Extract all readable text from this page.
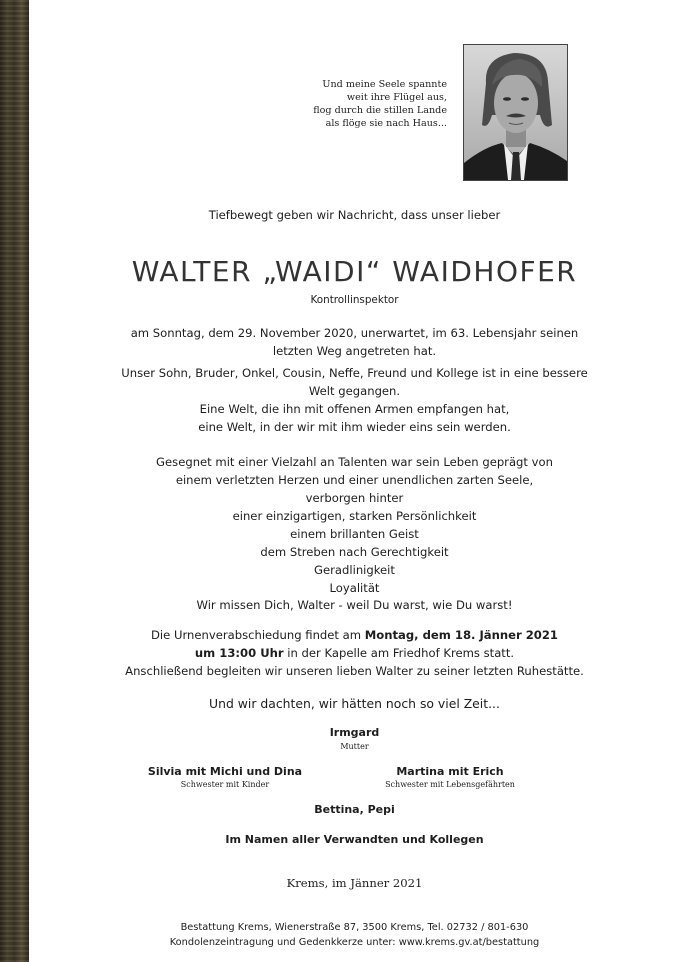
Und meine Seele spannte
weit ihre Flügel aus,
flog durch die stillen Lande
als flöge sie nach Haus...
Tiefbewegt geben wir Nachricht, dass unser lieber
WALTER „WAIDI“ WAIDHOFER
Kontrollinspektor
am Sonntag, dem 29. November 2020, unerwartet, im 63. Lebensjahr seinen
letzten Weg angetreten hat.
Unser Sohn, Bruder, Onkel, Cousin, Neffe, Freund und Kollege ist in eine bessere
Welt gegangen.
Eine Welt, die ihn mit offenen Armen empfangen hat,
eine Welt, in der wir mit ihm wieder eins sein werden.
Gesegnet mit einer Vielzahl an Talenten war sein Leben geprägt von
einem verletzten Herzen und einer unendlichen zarten Seele,
verborgen hinter
einer einzigartigen, starken Persönlichkeit
einem brillanten Geist
dem Streben nach Gerechtigkeit
Geradlinigkeit
Loyalität
Wir missen Dich, Walter - weil Du warst, wie Du warst!
Die Urnenverabschiedung findet am Montag, dem 18. Jänner 2021
um 13:00 Uhr in der Kapelle am Friedhof Krems statt.
Anschließend begleiten wir unseren lieben Walter zu seiner letzten Ruhestätte.
Und wir dachten, wir hätten noch so viel Zeit...
Irmgard
Mutter
Silvia mit Michi und Dina
Schwester mit Kinder
Martina mit Erich
Schwester mit Lebensgefährten
Bettina, Pepi
Im Namen aller Verwandten und Kollegen
Krems, im Jänner 2021
Bestattung Krems, Wienerstraße 87, 3500 Krems, Tel. 02732 / 801-630
Kondolenzeintragung und Gedenkkerze unter: www.krems.gv.at/bestattung
